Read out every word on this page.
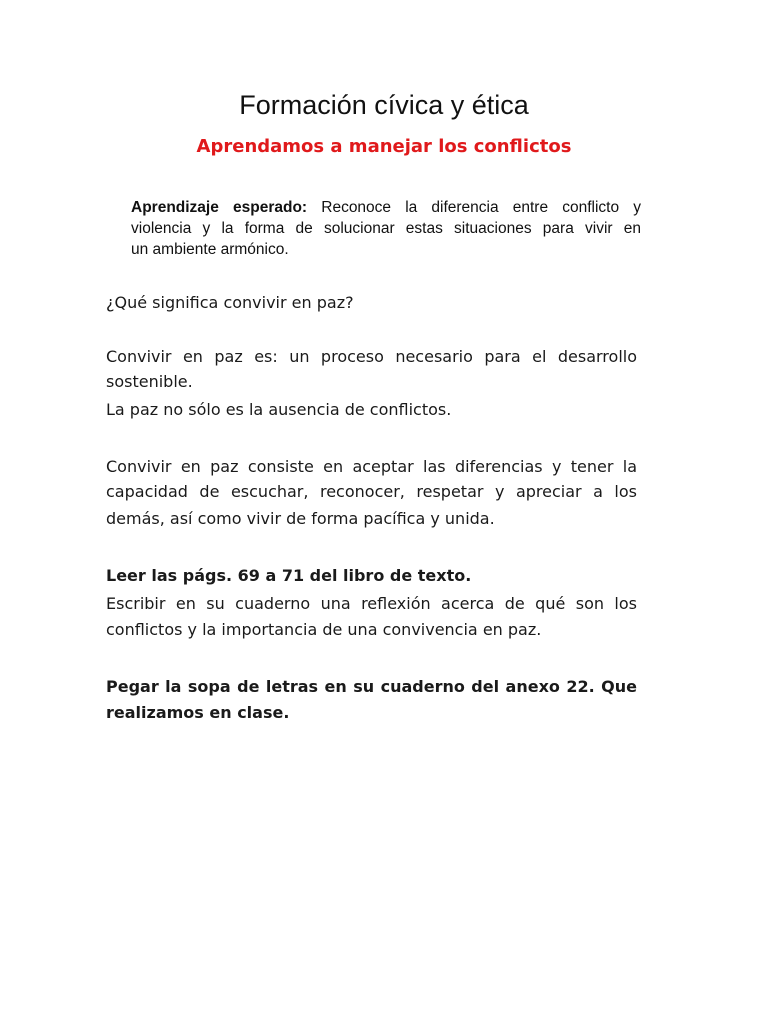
Formación cívica y ética
Aprendamos a manejar los conflictos
Aprendizaje esperado: Reconoce la diferencia entre conflicto y
violencia y la forma de solucionar estas situaciones para vivir en
un ambiente armónico.

¿Qué significa convivir en paz?

Convivir en paz es: un proceso necesario para el desarrollo

sostenible.

La paz no sólo es la ausencia de conflictos.

Convivir en paz consiste en aceptar las diferencias y tener la

capacidad de escuchar, reconocer, respetar y apreciar a los

demás, así como vivir de forma pacífica y unida.

Leer las págs. 69 a 71 del libro de texto.

Escribir en su cuaderno una reflexión acerca de qué son los

conflictos y la importancia de una convivencia en paz.

Pegar la sopa de letras en su cuaderno del anexo 22. Que

realizamos en clase.
